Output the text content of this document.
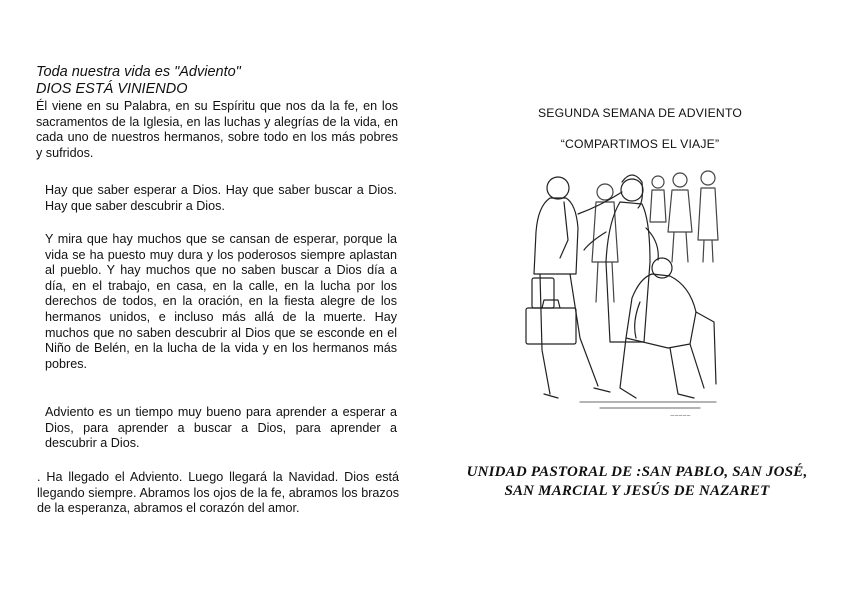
Toda nuestra vida es "Adviento"

DIOS ESTÁ VINIENDO

Él viene en su Palabra, en su Espíritu que nos da la fe, en los sacramentos de la Iglesia, en las luchas y alegrías de la vida, en cada uno de nuestros hermanos, sobre todo en los más pobres y sufridos.

Hay que saber esperar a Dios. Hay que saber buscar a Dios. Hay que saber descubrir a Dios.

Y mira que hay muchos que se cansan de esperar, porque la vida se ha puesto muy dura y los poderosos siempre aplastan al pueblo. Y hay muchos que no saben buscar a Dios día a día, en el trabajo, en casa, en la calle, en la lucha por los derechos de todos, en la oración, en la fiesta alegre de los hermanos unidos, e incluso más allá de la muerte. Hay muchos que no saben descubrir al Dios que se esconde en el Niño de Belén, en la lucha de la vida y en los hermanos más pobres.

Adviento es un tiempo muy bueno para aprender a esperar a Dios, para aprender a buscar a Dios, para aprender a descubrir a Dios.

. Ha llegado el Adviento. Luego llegará la Navidad. Dios está llegando siempre. Abramos los ojos de la fe, abramos los brazos de la esperanza, abramos el corazón del amor.

SEGUNDA SEMANA DE ADVIENTO
“COMPARTIMOS EL VIAJE”
~~~~~
UNIDAD PASTORAL DE :SAN PABLO, SAN JOSÉ, SAN MARCIAL Y JESÚS DE NAZARET
